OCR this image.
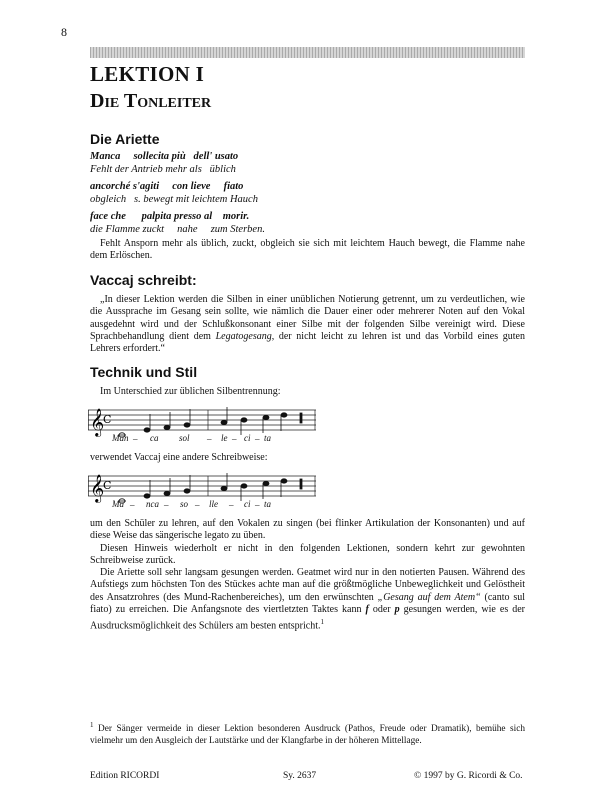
8
LEKTION I
Die Tonleiter
Die Ariette
Manca     sollecita più   dell' usato
Fehlt der Antrieb mehr als   üblich
ancorché s'agiti     con lieve     fiato
obgleich   s. bewegt mit leichtem Hauch
face che      palpita presso al    morir.
die Flamme zuckt     nahe     zum Sterben.

Fehlt Ansporn mehr als üblich, zuckt, obgleich sie sich mit leichtem Hauch bewegt, die Flamme nahe dem Erlöschen.

Vaccaj schreibt:

„In dieser Lektion werden die Silben in einer unüblichen Notierung getrennt, um zu verdeutlichen, wie die Aussprache im Gesang sein sollte, wie nämlich die Dauer einer oder mehrerer Noten auf den Vokal ausgedehnt wird und der Schlußkonsonant einer Silbe mit der folgenden Silbe vereinigt wird. Diese Sprachbehandlung dient dem Legatogesang, der nicht leicht zu lehren ist und das Vorbild eines guten Lehrers erfordert.“

Technik und Stil

Im Unterschied zur üblichen Silbentrennung:

𝄞
C
Man _ ca sol _ le _ ci _ ta

verwendet Vaccaj eine andere Schreibweise:

𝄞
C
Ma _ nca _ so _ lle _ ci _ ta

um den Schüler zu lehren, auf den Vokalen zu singen (bei flinker Artikulation der Konsonanten) und auf diese Weise das sängerische legato zu üben.

Diesen Hinweis wiederholt er nicht in den folgenden Lektionen, sondern kehrt zur gewohnten Schreibweise zurück.

Die Ariette soll sehr langsam gesungen werden. Geatmet wird nur in den notierten Pausen. Während des Aufstiegs zum höchsten Ton des Stückes achte man auf die größtmögliche Unbeweglichkeit und Gelöstheit des Ansatzrohres (des Mund-Rachenbereiches), um den erwünschten „Gesang auf dem Atem“ (canto sul fiato) zu erreichen. Die Anfangsnote des viertletzten Taktes kann f oder p gesungen werden, wie es der Ausdrucksmöglichkeit des Schülers am besten entspricht.$^1$

$^1$ Der Sänger vermeide in dieser Lektion besonderen Ausdruck (Pathos, Freude oder Dramatik), bemühe sich vielmehr um den Ausgleich der Lautstärke und der Klangfarbe in der höheren Mittellage.

Edition RICORDI	Sy. 2637	© 1997 by G. Ricordi & Co.
